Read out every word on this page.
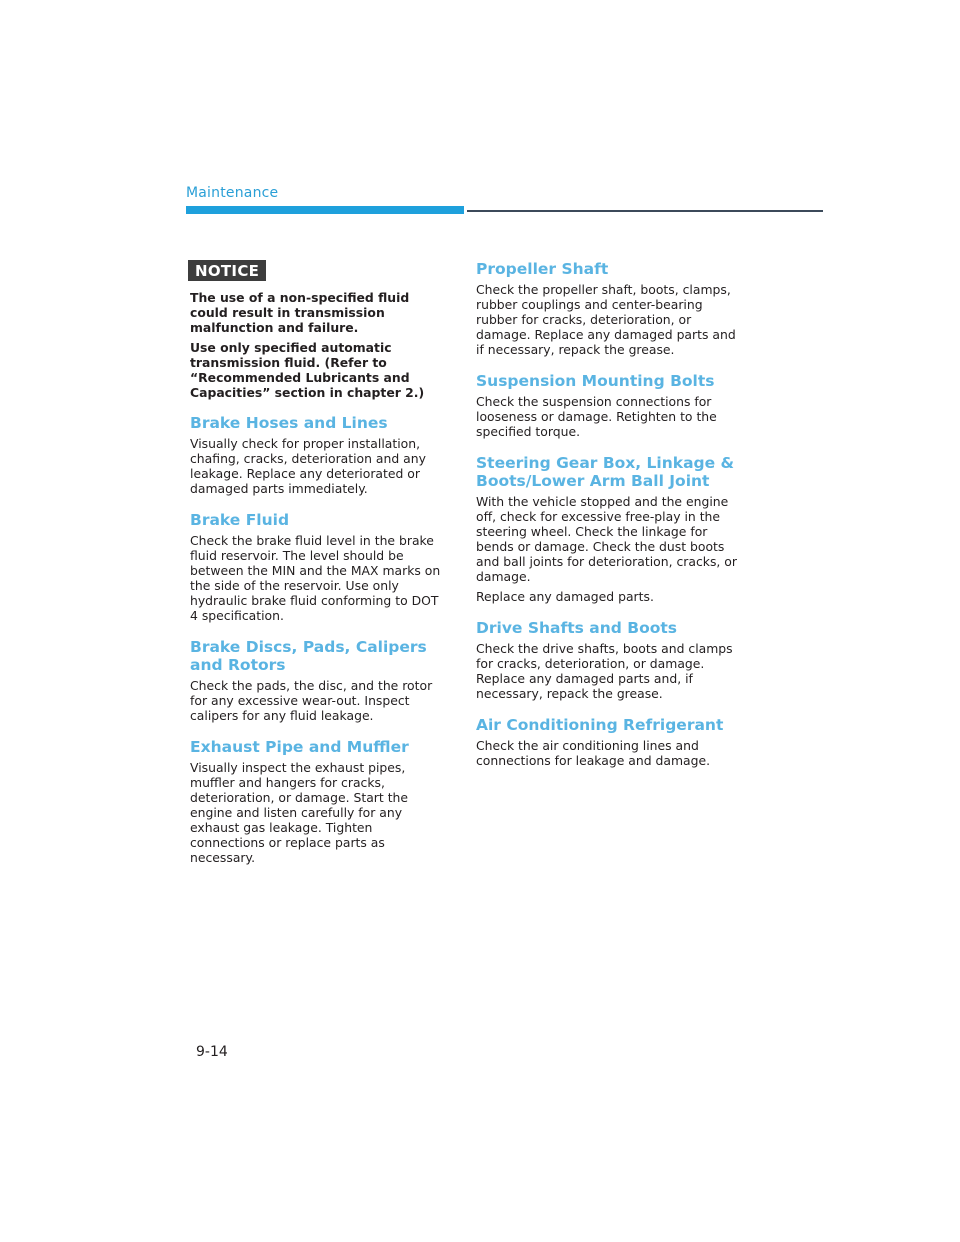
Maintenance
NOTICE

The use of a non-specified fluid could result in transmission malfunction and failure.

Use only specified automatic transmission fluid. (Refer to “Recommended Lubricants and Capacities” section in chapter 2.)

Brake Hoses and Lines

Visually check for proper installation, chafing, cracks, deterioration and any leakage. Replace any deteriorated or damaged parts immediately.

Brake Fluid

Check the brake fluid level in the brake fluid reservoir. The level should be between the MIN and the MAX marks on the side of the reservoir. Use only hydraulic brake fluid conforming to DOT 4 specification.

Brake Discs, Pads, Calipers and Rotors

Check the pads, the disc, and the rotor for any excessive wear-out. Inspect calipers for any fluid leakage.

Exhaust Pipe and Muffler

Visually inspect the exhaust pipes, muffler and hangers for cracks, deterioration, or damage. Start the engine and listen carefully for any exhaust gas leakage. Tighten connections or replace parts as necessary.

Propeller Shaft

Check the propeller shaft, boots, clamps, rubber couplings and center-bearing rubber for cracks, deterioration, or damage. Replace any damaged parts and if necessary, repack the grease.

Suspension Mounting Bolts

Check the suspension connections for looseness or damage. Retighten to the specified torque.

Steering Gear Box, Linkage & Boots/Lower Arm Ball Joint

With the vehicle stopped and the engine off, check for excessive free-play in the steering wheel. Check the linkage for bends or damage. Check the dust boots and ball joints for deterioration, cracks, or damage.

Replace any damaged parts.

Drive Shafts and Boots

Check the drive shafts, boots and clamps for cracks, deterioration, or damage. Replace any damaged parts and, if necessary, repack the grease.

Air Conditioning Refrigerant

Check the air conditioning lines and connections for leakage and damage.

9-14
